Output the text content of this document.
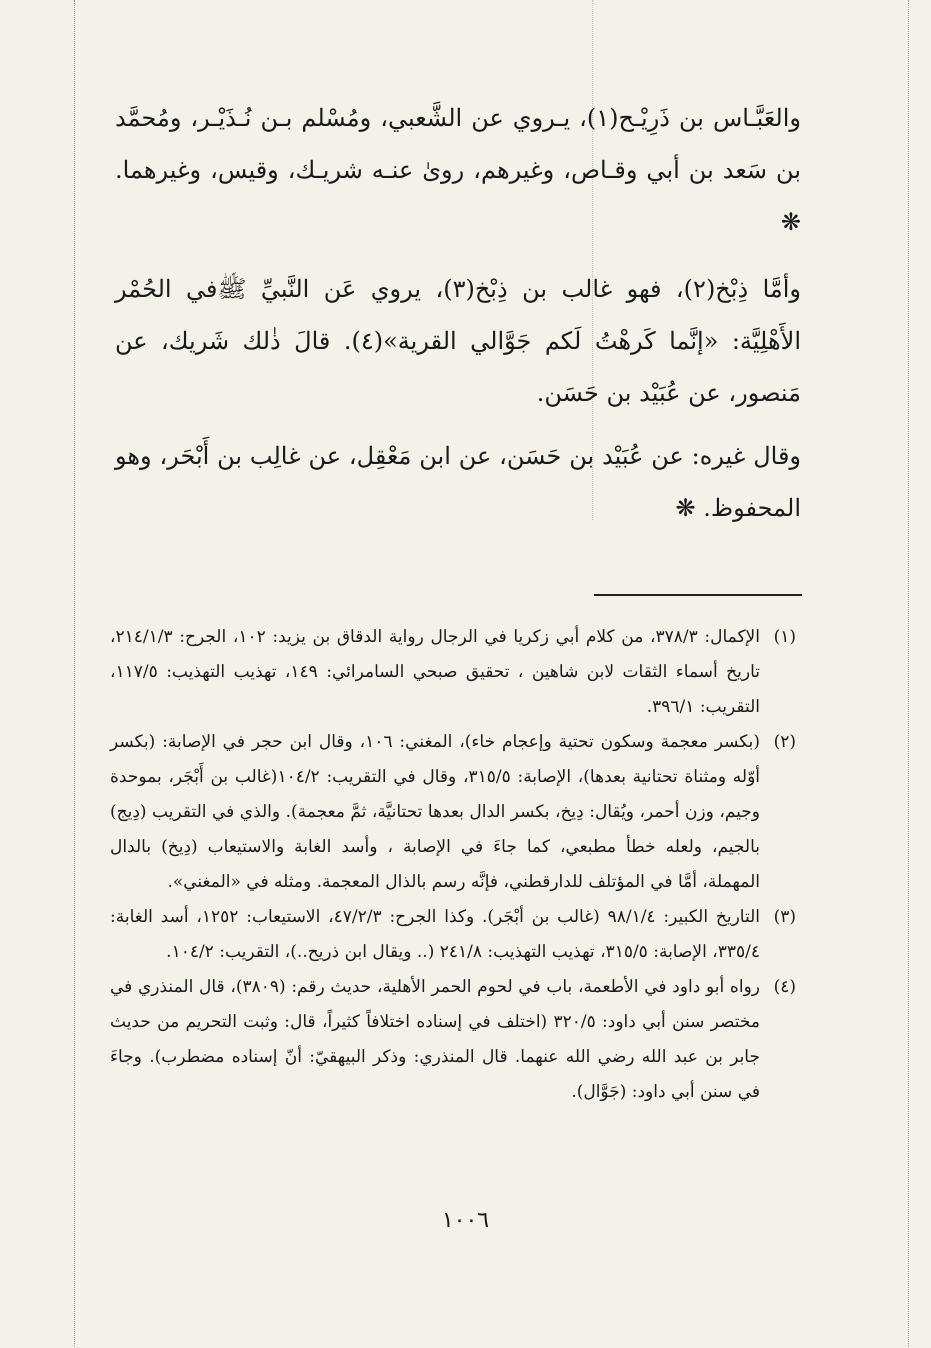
والعَبَّـاس بن ذَرِيْـح(١)، يـروي عن الشَّعبي، ومُسْلم بـن نُـذَيْـر، ومُحمَّد بن سَعد بن أبي وقـاص، وغيرهم، روىٰ عنـه شريـك، وقيس، وغيرهما. ❋

وأمَّا ذِبْخ(٢)، فهو غالب بن ذِبْخ(٣)، يروي عَن النَّبيِّ ﷺفي الحُمْر الأَهْلِيَّة: «إنَّما كَرهْتُ لَكم جَوَّالي القرية»(٤). قالَ ذٰلك شَريك، عن مَنصور، عن عُبَيْد بن حَسَن.

وقال غيره: عن عُبَيْد بن حَسَن، عن ابن مَعْقِل، عن غالِب بن أَبْحَر، وهو المحفوظ. ❋

(١)
الإكمال: ٣٧٨/٣، من كلام أبي زكريا في الرجال رواية الدقاق بن يزيد: ١٠٢، الجرح: ٢١٤/١/٣، تاريخ أسماء الثقات لابن شاهين ، تحقيق صبحي السامرائي: ١٤٩، تهذيب التهذيب: ١١٧/٥، التقريب: ٣٩٦/١.
(٢)
(بكسر معجمة وسكون تحتية وإعجام خاء)، المغني: ١٠٦، وقال ابن حجر في الإصابة: (بكسر أوّله ومثناة تحتانية بعدها)، الإصابة: ٣١٥/٥، وقال في التقريب: ١٠٤/٢(غالب بن أَبْجَر، بموحدة وجيم، وزن أحمر، ويُقال: دِيخ، بكسر الدال بعدها تحتانيَّة، ثمَّ معجمة). والذي في التقريب (دِيج) بالجيم، ولعله خطأ مطبعي، كما جاءَ في الإصابة ، وأسد الغابة والاستيعاب (دِيخ) بالدال المهملة، أمَّا في المؤتلف للدارقطني، فإنَّه رسم بالذال المعجمة. ومثله في «المغني».
(٣)
التاريخ الكبير: ٩٨/١/٤ (غالب بن أبْجَر). وكذا الجرح: ٤٧/٢/٣، الاستيعاب: ١٢٥٢، أسد الغابة: ٣٣٥/٤، الإصابة: ٣١٥/٥، تهذيب التهذيب: ٢٤١/٨ (.. ويقال ابن ذريح..)، التقريب: ١٠٤/٢.
(٤)
رواه أبو داود في الأطعمة، باب في لحوم الحمر الأهلية، حديث رقم: (٣٨٠٩)، قال المنذري في مختصر سنن أبي داود: ٣٢٠/٥ (اختلف في إسناده اختلافاً كثيراً، قال: وثبت التحريم من حديث جابر بن عبد الله رضي الله عنهما. قال المنذري: وذكر البيهقيّ: أنّ إسناده مضطرب). وجاءَ في سنن أبي داود: (جَوَّال).
١٠٠٦
